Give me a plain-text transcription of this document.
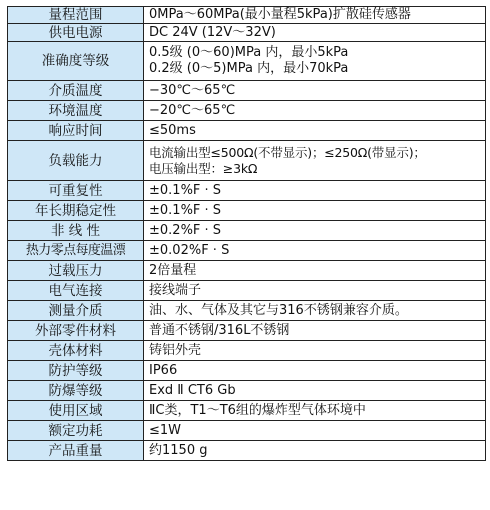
量程范围	0MPa～60MPa(最小量程5kPa)扩散硅传感器

供电电源	DC 24V (12V～32V)

准确度等级	0.5级 (0～60)MPa 内，最小5kPa
0.2级 (0～5)MPa 内，最小70kPa

介质温度	−30℃～65℃

环境温度	−20℃～65℃

响应时间	≤50ms

负载能力	电流输出型≤500Ω(不带显示)；≤250Ω(带显示)；
电压输出型：≥3kΩ

可重复性	±0.1%F · S

年长期稳定性	±0.1%F · S

非 线 性	±0.2%F · S

热力零点每度温漂	±0.02%F · S

过载压力	2倍量程

电气连接	接线端子

测量介质	油、水、气体及其它与316不锈钢兼容介质。

外部零件材料	普通不锈钢/316L不锈钢

壳体材料	铸铝外壳

防护等级	IP66

防爆等级	Exd Ⅱ CT6 Gb

使用区域	ⅡC类，T1～T6组的爆炸型气体环境中

额定功耗	≤1W

产品重量	约1150 g
